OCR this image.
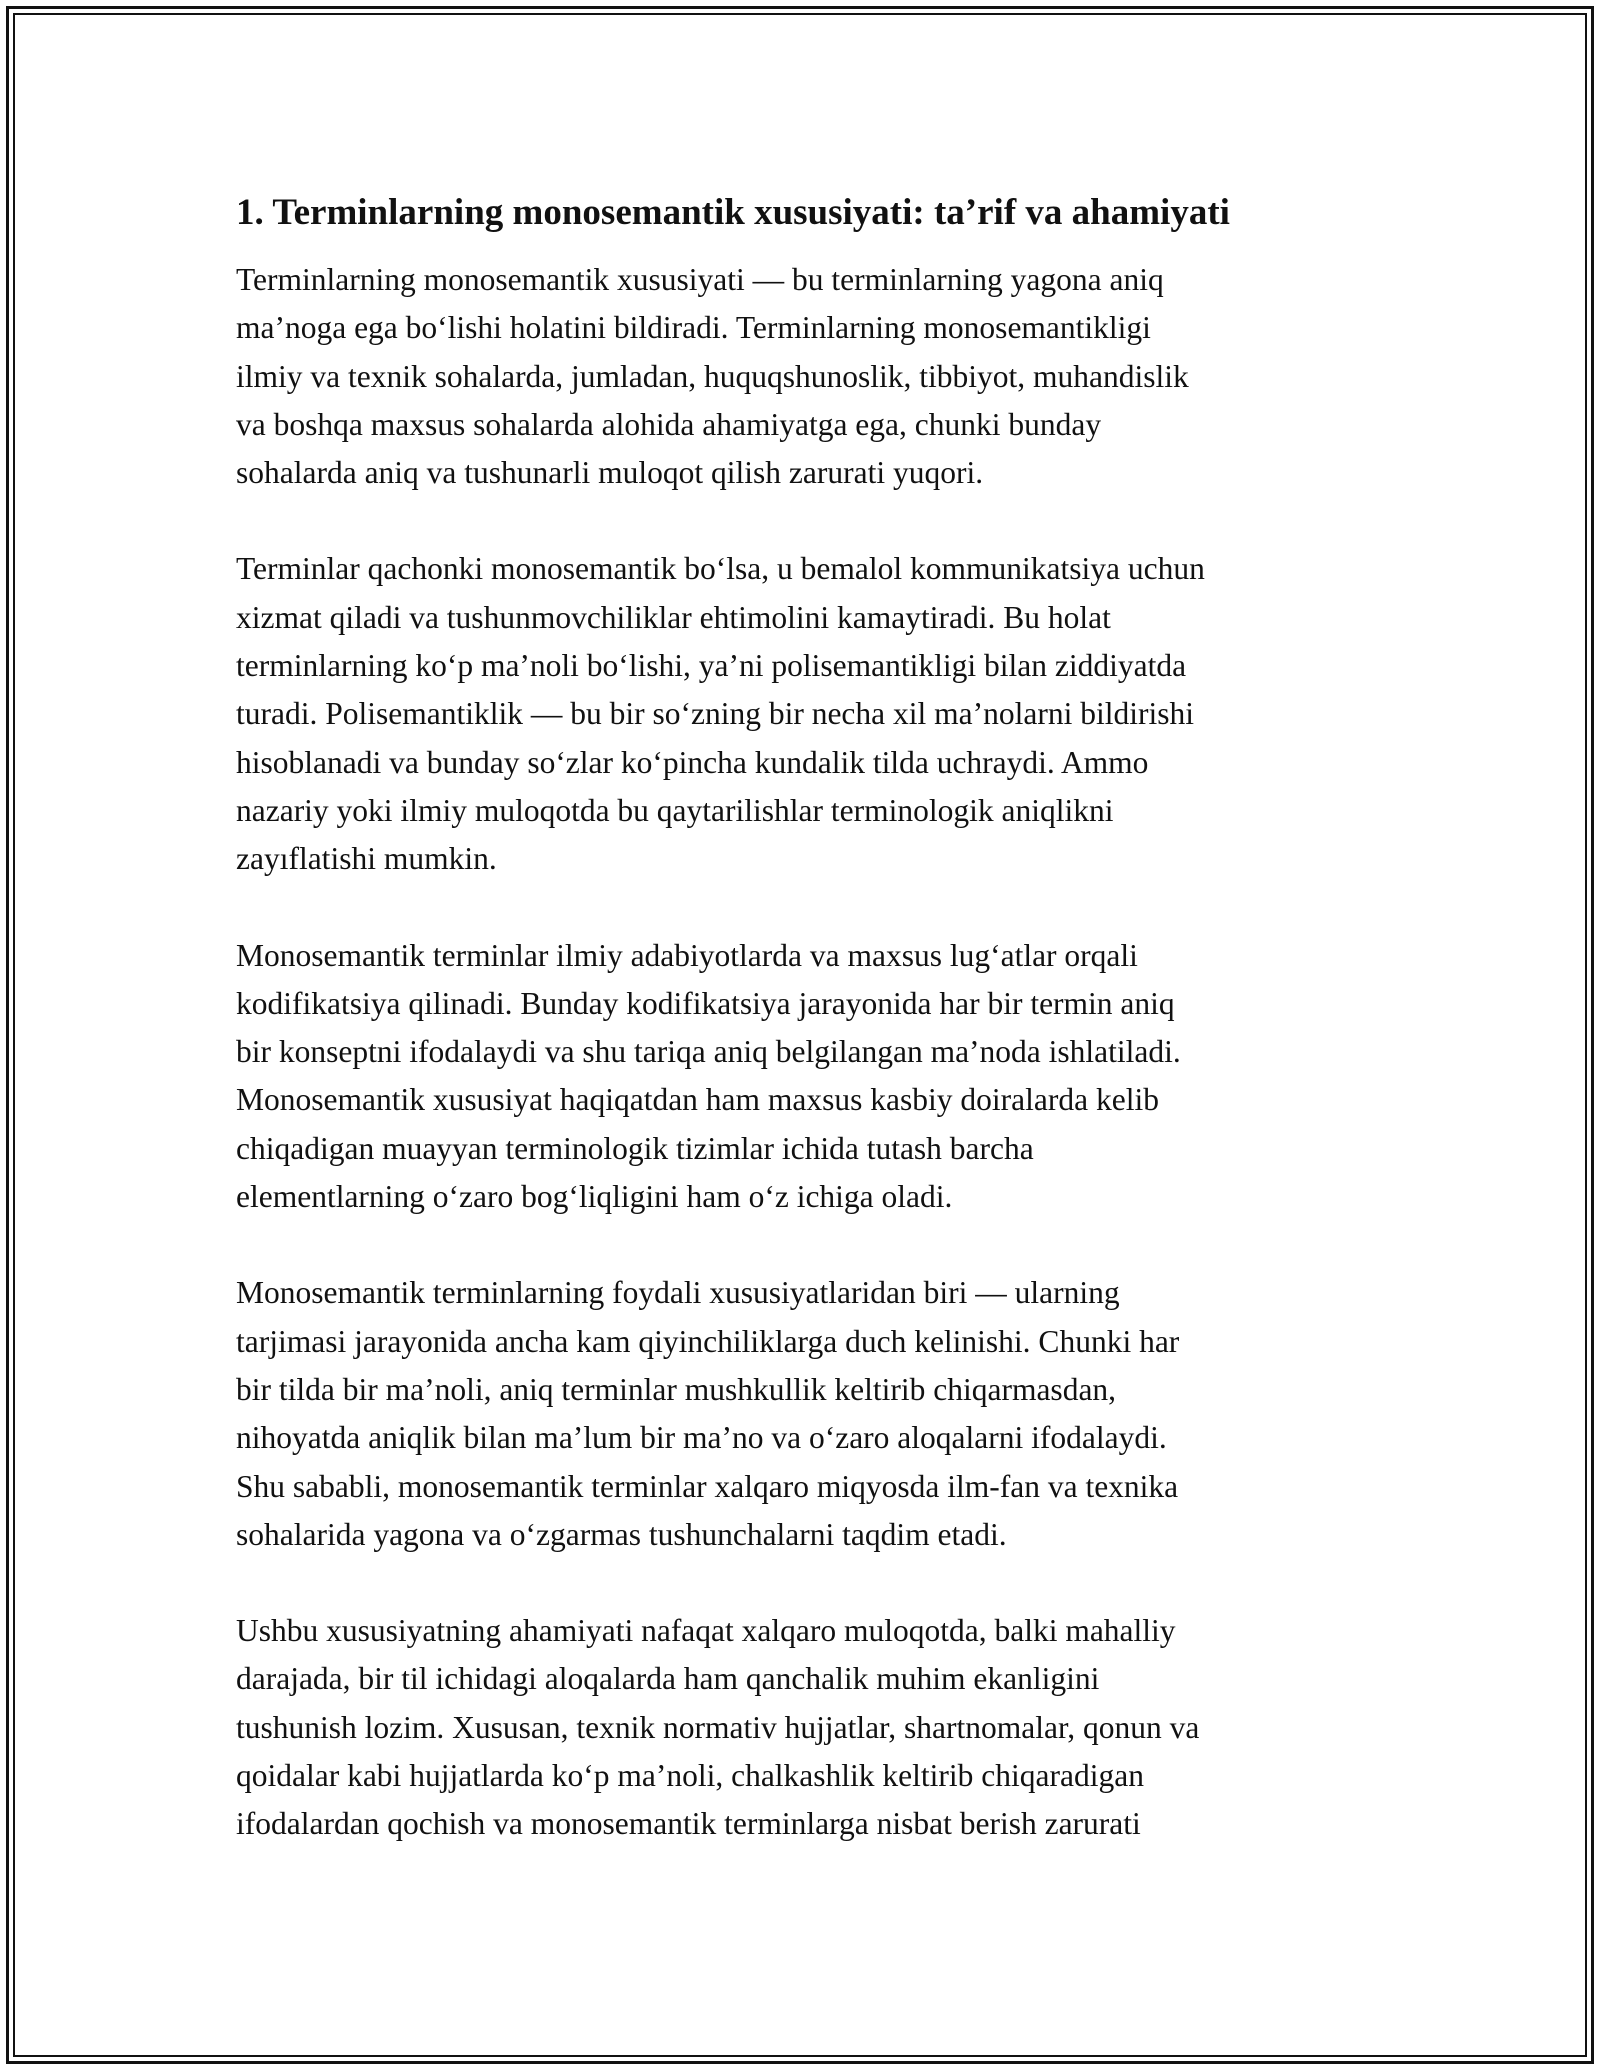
1. Terminlarning monosemantik xususiyati: ta’rif va ahamiyati

Terminlarning monosemantik xususiyati — bu terminlarning yagona aniq
ma’noga ega bo‘lishi holatini bildiradi. Terminlarning monosemantikligi
ilmiy va texnik sohalarda, jumladan, huquqshunoslik, tibbiyot, muhandislik
va boshqa maxsus sohalarda alohida ahamiyatga ega, chunki bunday
sohalarda aniq va tushunarli muloqot qilish zarurati yuqori.

Terminlar qachonki monosemantik bo‘lsa, u bemalol kommunikatsiya uchun
xizmat qiladi va tushunmovchiliklar ehtimolini kamaytiradi. Bu holat
terminlarning ko‘p ma’noli bo‘lishi, ya’ni polisemantikligi bilan ziddiyatda
turadi. Polisemantiklik — bu bir so‘zning bir necha xil ma’nolarni bildirishi
hisoblanadi va bunday so‘zlar ko‘pincha kundalik tilda uchraydi. Ammo
nazariy yoki ilmiy muloqotda bu qaytarilishlar terminologik aniqlikni
zayıflatishi mumkin.

Monosemantik terminlar ilmiy adabiyotlarda va maxsus lug‘atlar orqali
kodifikatsiya qilinadi. Bunday kodifikatsiya jarayonida har bir termin aniq
bir konseptni ifodalaydi va shu tariqa aniq belgilangan ma’noda ishlatiladi.
Monosemantik xususiyat haqiqatdan ham maxsus kasbiy doiralarda kelib
chiqadigan muayyan terminologik tizimlar ichida tutash barcha
elementlarning o‘zaro bog‘liqligini ham o‘z ichiga oladi.

Monosemantik terminlarning foydali xususiyatlaridan biri — ularning
tarjimasi jarayonida ancha kam qiyinchiliklarga duch kelinishi. Chunki har
bir tilda bir ma’noli, aniq terminlar mushkullik keltirib chiqarmasdan,
nihoyatda aniqlik bilan ma’lum bir ma’no va o‘zaro aloqalarni ifodalaydi.
Shu sababli, monosemantik terminlar xalqaro miqyosda ilm-fan va texnika
sohalarida yagona va o‘zgarmas tushunchalarni taqdim etadi.

Ushbu xususiyatning ahamiyati nafaqat xalqaro muloqotda, balki mahalliy
darajada, bir til ichidagi aloqalarda ham qanchalik muhim ekanligini
tushunish lozim. Xususan, texnik normativ hujjatlar, shartnomalar, qonun va
qoidalar kabi hujjatlarda ko‘p ma’noli, chalkashlik keltirib chiqaradigan
ifodalardan qochish va monosemantik terminlarga nisbat berish zarurati
